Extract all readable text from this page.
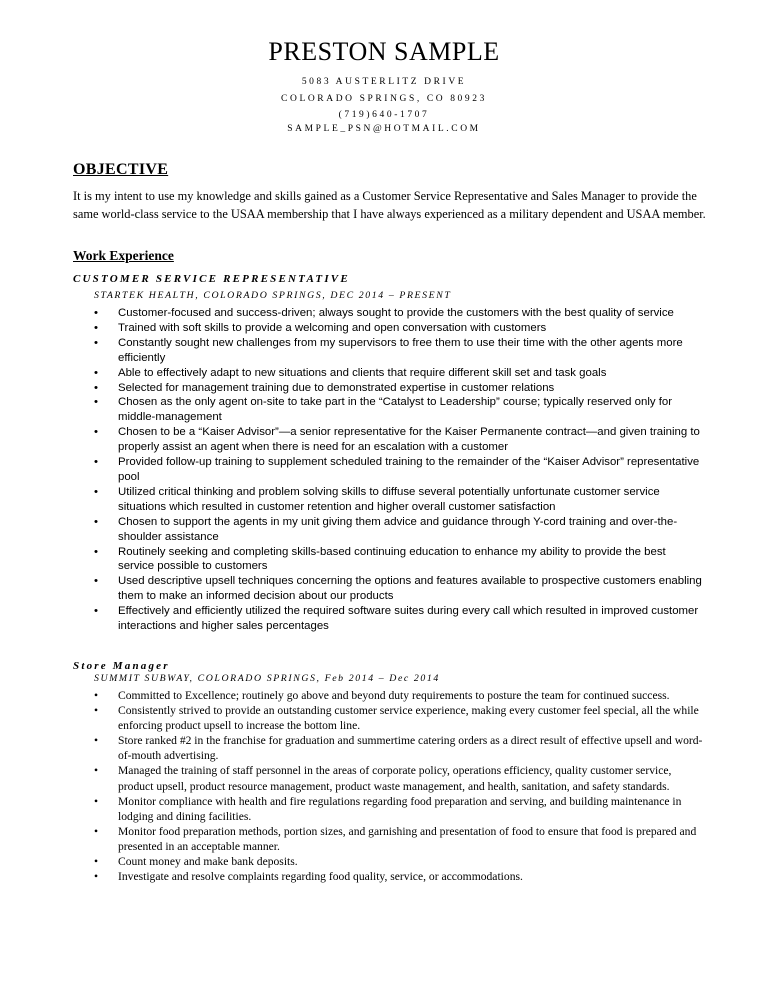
PRESTON SAMPLE
5083 AUSTERLITZ DRIVE
COLORADO SPRINGS, CO 80923
(719)640-1707
SAMPLE_PSN@HOTMAIL.COM
OBJECTIVE
It is my intent to use my knowledge and skills gained as a Customer Service Representative and Sales Manager to provide the same world-class service to the USAA membership that I have always experienced as a military dependent and USAA member.
Work Experience
CUSTOMER SERVICE REPRESENTATIVE
STARTEK HEALTH, COLORADO SPRINGS, DEC 2014 – PRESENT
• Customer-focused and success-driven; always sought to provide the customers with the best quality of service
• Trained with soft skills to provide a welcoming and open conversation with customers
• Constantly sought new challenges from my supervisors to free them to use their time with the other agents more efficiently
• Able to effectively adapt to new situations and clients that require different skill set and task goals
• Selected for management training due to demonstrated expertise in customer relations
• Chosen as the only agent on-site to take part in the “Catalyst to Leadership” course; typically reserved only for middle-management
• Chosen to be a “Kaiser Advisor”—a senior representative for the Kaiser Permanente contract—and given training to properly assist an agent when there is need for an escalation with a customer
• Provided follow-up training to supplement scheduled training to the remainder of the “Kaiser Advisor” representative pool
• Utilized critical thinking and problem solving skills to diffuse several potentially unfortunate customer service situations which resulted in customer retention and higher overall customer satisfaction
• Chosen to support the agents in my unit giving them advice and guidance through Y-cord training and over-the-shoulder assistance
• Routinely seeking and completing skills-based continuing education to enhance my ability to provide the best service possible to customers
• Used descriptive upsell techniques concerning the options and features available to prospective customers enabling them to make an informed decision about our products
• Effectively and efficiently utilized the required software suites during every call which resulted in improved customer interactions and higher sales percentages
Store Manager
SUMMIT SUBWAY, COLORADO SPRINGS, Feb 2014 – Dec 2014
• Committed to Excellence; routinely go above and beyond duty requirements to posture the team for continued success.
• Consistently strived to provide an outstanding customer service experience, making every customer feel special, all the while enforcing product upsell to increase the bottom line.
• Store ranked #2 in the franchise for graduation and summertime catering orders as a direct result of effective upsell and word-of-mouth advertising.
• Managed the training of staff personnel in the areas of corporate policy, operations efficiency, quality customer service, product upsell, product resource management, product waste management, and health, sanitation, and safety standards.
• Monitor compliance with health and fire regulations regarding food preparation and serving, and building maintenance in lodging and dining facilities.
• Monitor food preparation methods, portion sizes, and garnishing and presentation of food to ensure that food is prepared and presented in an acceptable manner.
• Count money and make bank deposits.
• Investigate and resolve complaints regarding food quality, service, or accommodations.
